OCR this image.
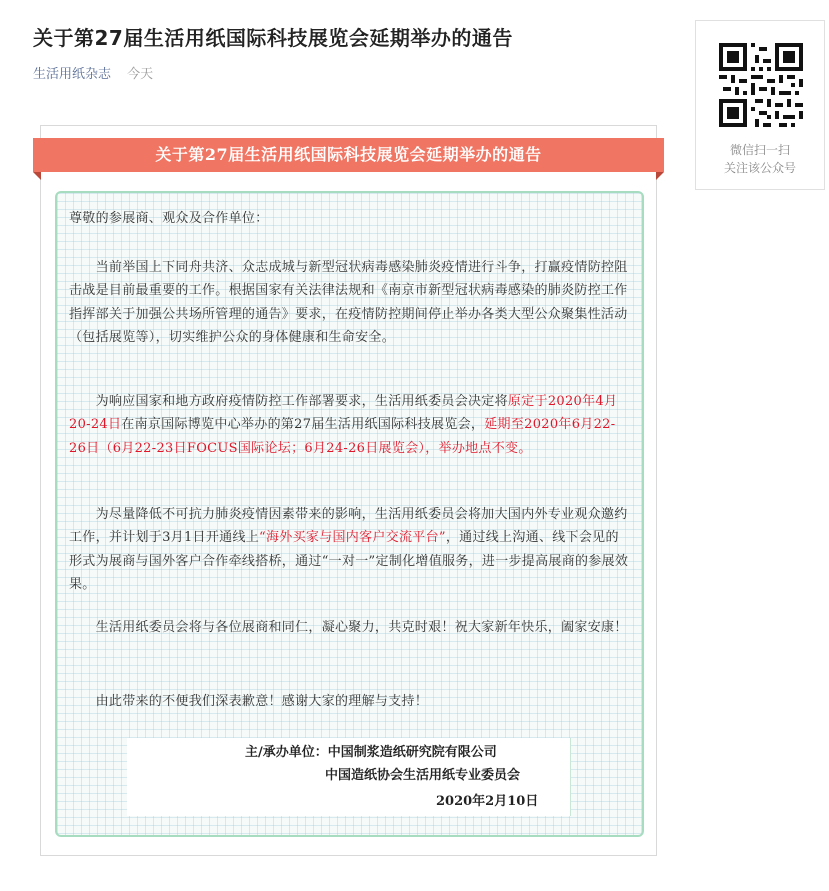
关于第27届生活用纸国际科技展览会延期举办的通告
生活用纸杂志 今天
微信扫一扫
关注该公众号
关于第27届生活用纸国际科技展览会延期举办的通告

尊敬的参展商、观众及合作单位：

　　当前举国上下同舟共济、众志成城与新型冠状病毒感染肺炎疫情进行斗争，打赢疫情防控阻击战是目前最重要的工作。根据国家有关法律法规和《南京市新型冠状病毒感染的肺炎防控工作指挥部关于加强公共场所管理的通告》要求，在疫情防控期间停止举办各类大型公众聚集性活动（包括展览等），切实维护公众的身体健康和生命安全。

　　为响应国家和地方政府疫情防控工作部署要求，生活用纸委员会决定将原定于2020年4月20-24日在南京国际博览中心举办的第27届生活用纸国际科技展览会，延期至2020年6月22-26日（6月22-23日FOCUS国际论坛；6月24-26日展览会），举办地点不变。

　　为尽量降低不可抗力肺炎疫情因素带来的影响，生活用纸委员会将加大国内外专业观众邀约工作，并计划于3月1日开通线上“海外买家与国内客户交流平台”，通过线上沟通、线下会见的形式为展商与国外客户合作牵线搭桥，通过“一对一”定制化增值服务，进一步提高展商的参展效果。

　　生活用纸委员会将与各位展商和同仁，凝心聚力，共克时艰！祝大家新年快乐，阖家安康！

　　由此带来的不便我们深表歉意！感谢大家的理解与支持！

主/承办单位：中国制浆造纸研究院有限公司
中国造纸协会生活用纸专业委员会
2020年2月10日
